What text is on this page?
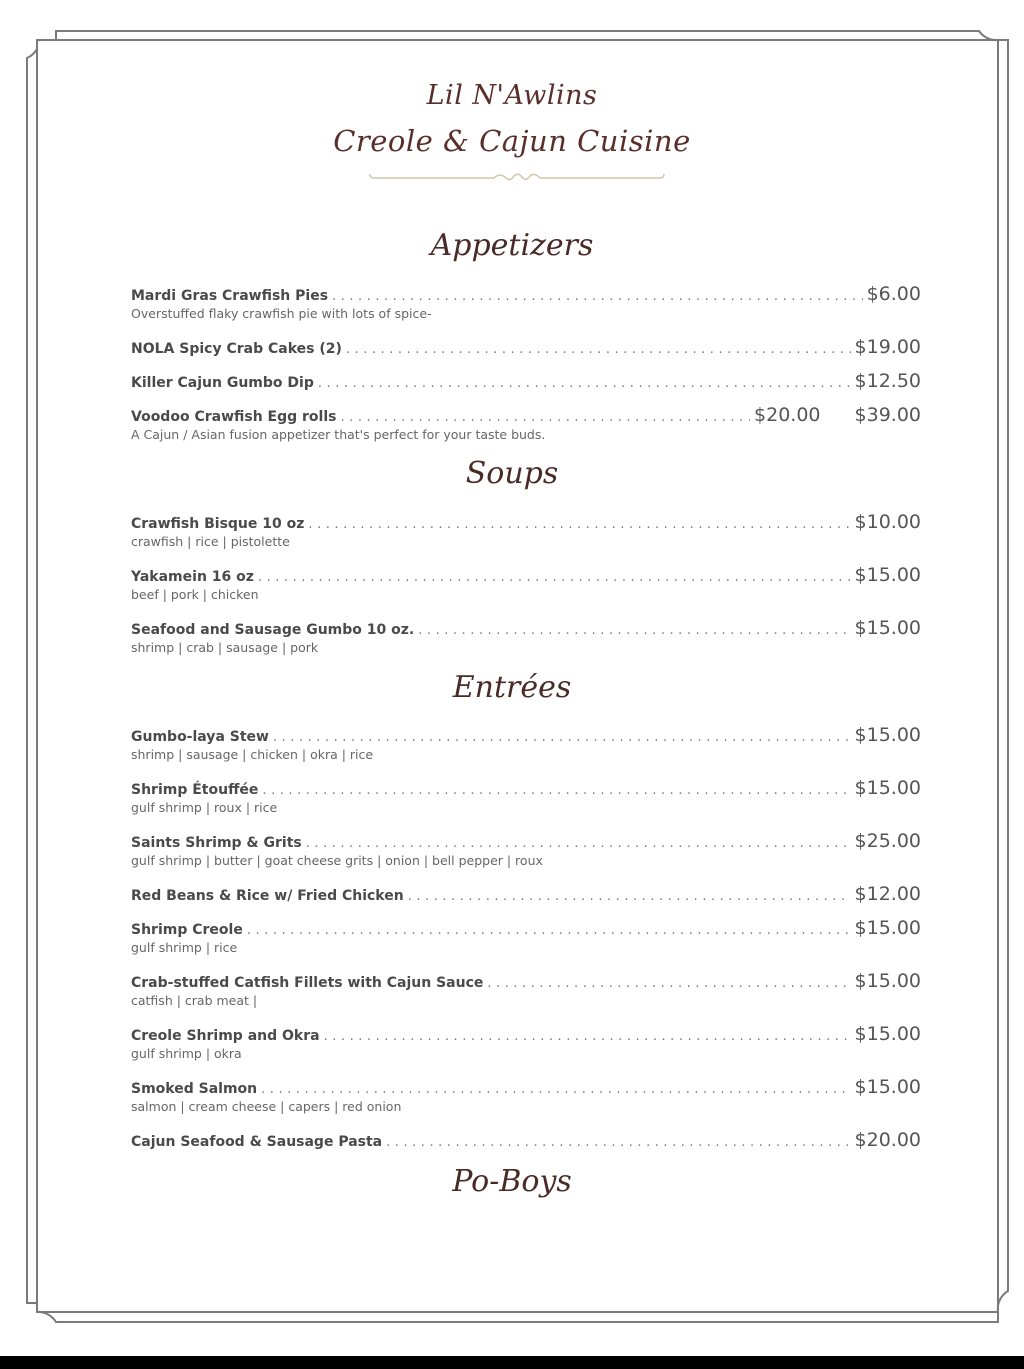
Lil N'Awlins
Creole & Cajun Cuisine
Appetizers
Mardi Gras Crawfish Pies . . .	$6.00
Overstuffed flaky crawfish pie with lots of spice-
NOLA Spicy Crab Cakes (2) . . .	$19.00
Killer Cajun Gumbo Dip . . .	$12.50
Voodoo Crawfish Egg rolls . . .	$20.00 $39.00
A Cajun / Asian fusion appetizer that's perfect for your taste buds.
Soups
Crawfish Bisque 10 oz . . .	$10.00
crawfish | rice | pistolette
Yakamein 16 oz . . .	$15.00
beef | pork | chicken
Seafood and Sausage Gumbo 10 oz. . . .	$15.00
shrimp | crab | sausage | pork
Entrées
Gumbo-laya Stew . . .	$15.00
shrimp | sausage | chicken | okra | rice
Shrimp Étouffée . . .	$15.00
gulf shrimp | roux | rice
Saints Shrimp & Grits . . .	$25.00
gulf shrimp | butter | goat cheese grits | onion | bell pepper | roux
Red Beans & Rice w/ Fried Chicken . . .	$12.00
Shrimp Creole . . .	$15.00
gulf shrimp | rice
Crab-stuffed Catfish Fillets with Cajun Sauce . . .	$15.00
catfish | crab meat |
Creole Shrimp and Okra . . .	$15.00
gulf shrimp | okra
Smoked Salmon . . .	$15.00
salmon | cream cheese | capers | red onion
Cajun Seafood & Sausage Pasta . . .	$20.00
Po-Boys
